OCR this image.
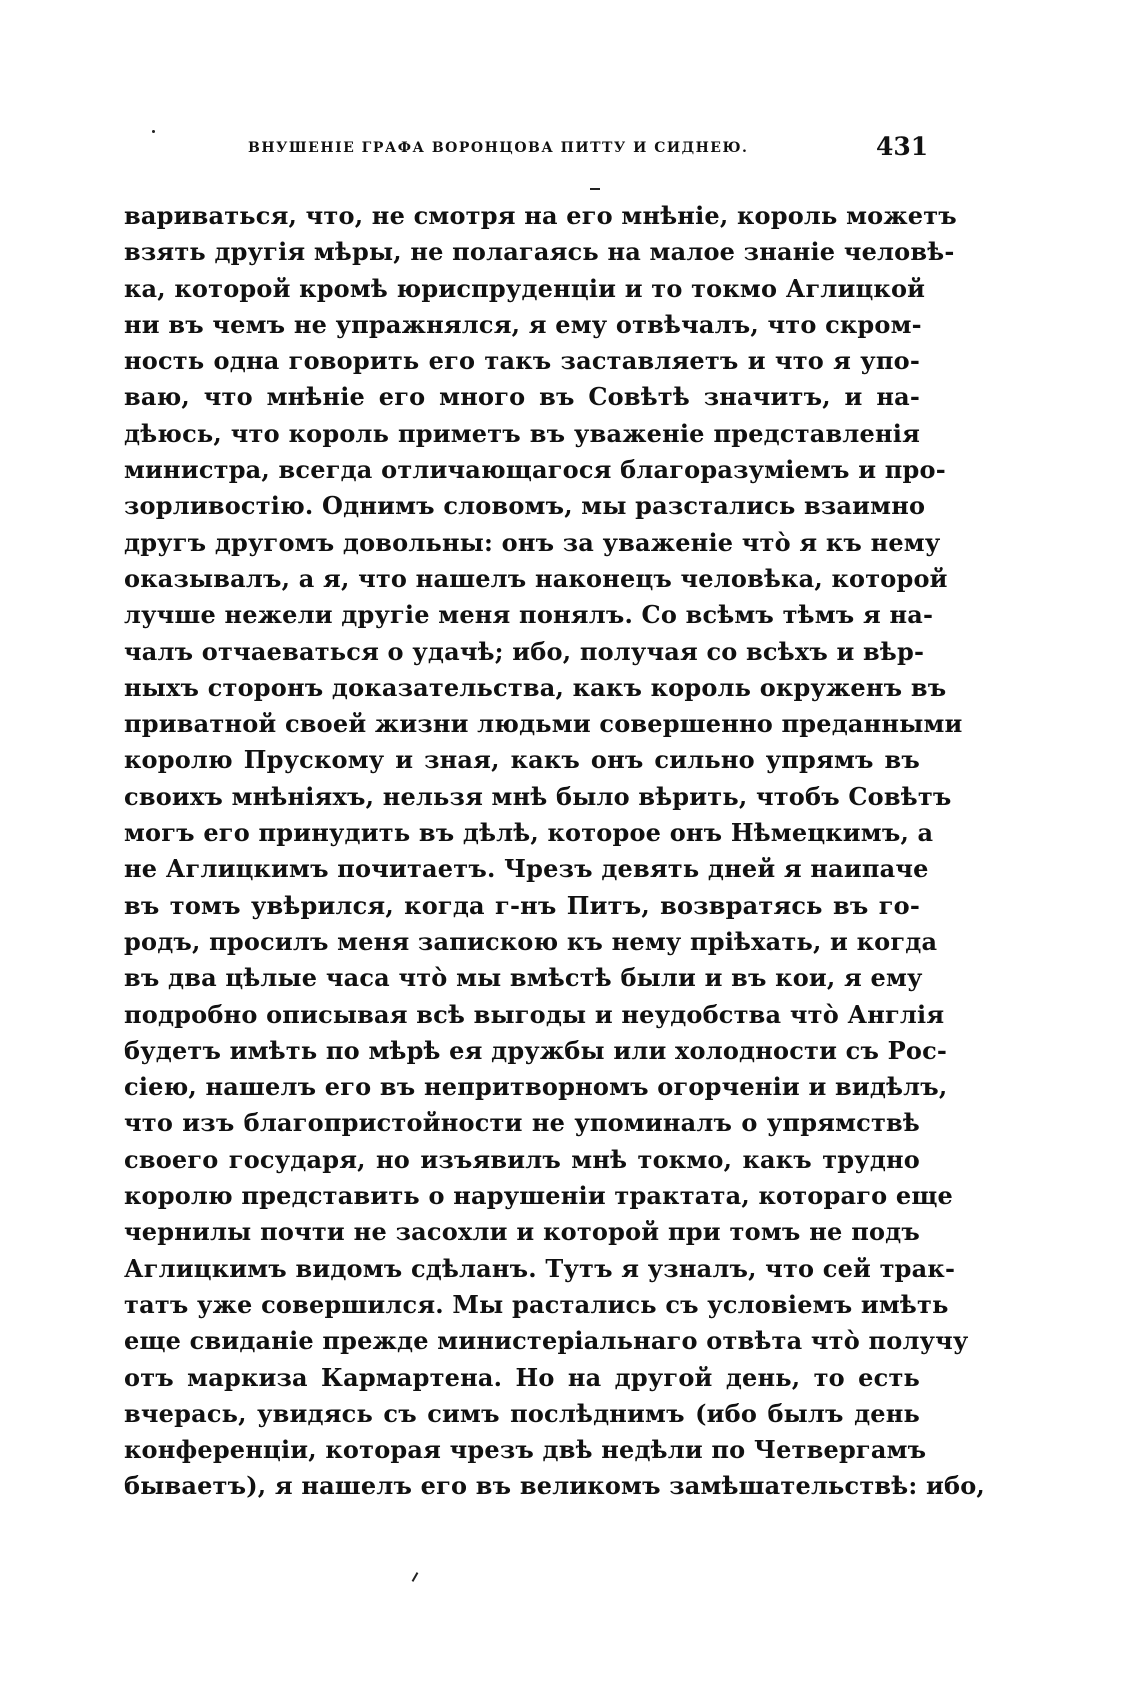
ВНУШЕНІЕ ГРАФА ВОРОНЦОВА ПИТТУ И СИДНЕЮ.	431
вариваться, что, не смотря на его мнѣніе, король можетъ
взять другія мѣры, не полагаясь на малое знаніе человѣ-
ка, которой кромѣ юриспруденціи и то токмо Аглицкой
ни въ чемъ не упражнялся, я ему отвѣчалъ, что скром-
ность одна говорить его такъ заставляетъ и что я упо-
ваю, что мнѣніе его много въ Совѣтѣ значитъ, и на-
дѣюсь, что король приметъ въ уваженіе представленія
министра, всегда отличающагося благоразуміемъ и про-
зорливостію. Однимъ словомъ, мы разстались взаимно
другъ другомъ довольны: онъ за уваженіе что̀ я къ нему
оказывалъ, а я, что нашелъ наконецъ человѣка, которой
лучше нежели другіе меня понялъ. Со всѣмъ тѣмъ я на-
чалъ отчаеваться о удачѣ; ибо, получая со всѣхъ и вѣр-
ныхъ сторонъ доказательства, какъ король окруженъ въ
приватной своей жизни людьми совершенно преданными
королю Прускому и зная, какъ онъ сильно упрямъ въ
своихъ мнѣніяхъ, нельзя мнѣ было вѣрить, чтобъ Совѣтъ
могъ его принудить въ дѣлѣ, которое онъ Нѣмецкимъ, а
не Аглицкимъ почитаетъ. Чрезъ девять дней я наипаче
въ томъ увѣрился, когда г-нъ Питъ, возвратясь въ го-
родъ, просилъ меня запискою къ нему пріѣхать, и когда
въ два цѣлые часа что̀ мы вмѣстѣ были и въ кои, я ему
подробно описывая всѣ выгоды и неудобства что̀ Англія
будетъ имѣть по мѣрѣ ея дружбы или холодности съ Рос-
сіею, нашелъ его въ непритворномъ огорченіи и видѣлъ,
что изъ благопристойности не упоминалъ о упрямствѣ
своего государя, но изъявилъ мнѣ токмо, какъ трудно
королю представить о нарушеніи трактата, котораго еще
чернилы почти не засохли и которой при томъ не подъ
Аглицкимъ видомъ сдѣланъ. Тутъ я узналъ, что сей трак-
татъ уже совершился. Мы растались съ условіемъ имѣть
еще свиданіе прежде министеріальнаго отвѣта что̀ получу
отъ маркиза Кармартена. Но на другой день, то есть
вчерась, увидясь съ симъ послѣднимъ (ибо былъ день
конференціи, которая чрезъ двѣ недѣли по Четвергамъ
бываетъ), я нашелъ его въ великомъ замѣшательствѣ: ибо,
